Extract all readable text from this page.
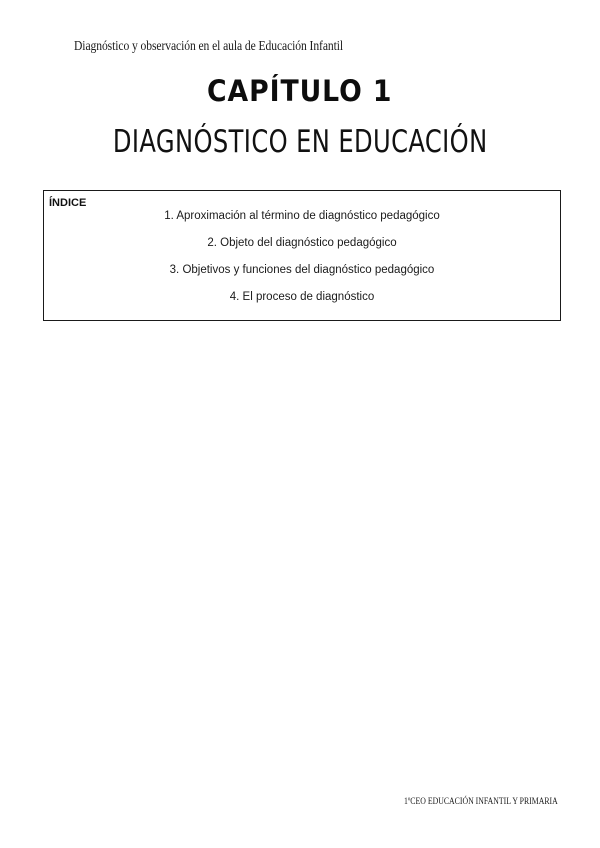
Diagnóstico y observación en el aula de Educación Infantil
CAPÍTULO 1
DIAGNÓSTICO EN EDUCACIÓN
ÍNDICE
1. Aproximación al término de diagnóstico pedagógico
2. Objeto del diagnóstico pedagógico
3. Objetivos y funciones del diagnóstico pedagógico
4. El proceso de diagnóstico
1ºCEO EDUCACIÓN INFANTIL Y PRIMARIA
